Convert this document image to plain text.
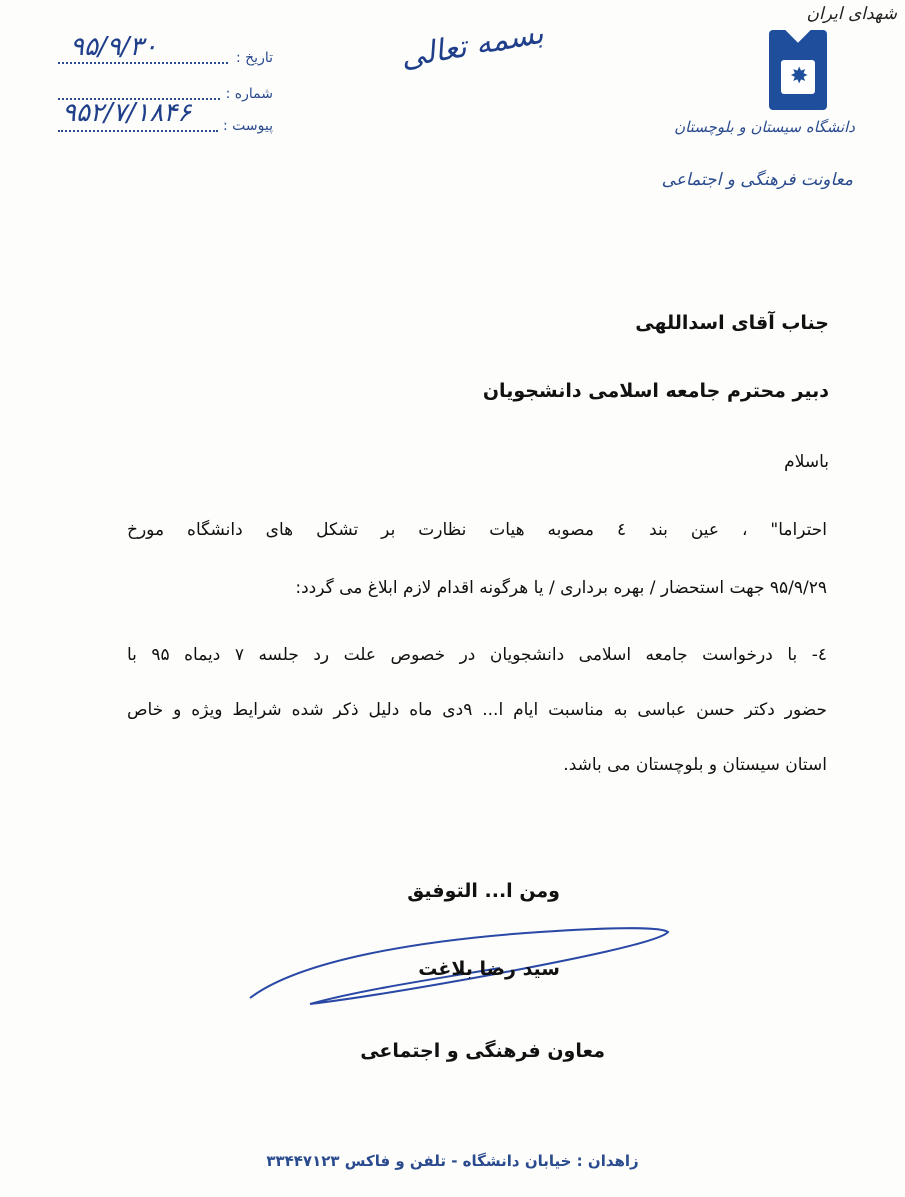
شهدای ایران
✸
دانشگاه سیستان و بلوچستان
معاونت فرهنگی و اجتماعی
بسمه تعالی
تاریخ :
۹۵/۹/۳۰
شماره :
پیوست :
۹۵۲/۷/۱۸۴۶
جناب آقای اسداللهی
دبیر محترم جامعه اسلامی دانشجویان
باسلام
احتراما" ، عین بند ٤ مصوبه هیات نظارت بر تشکل های دانشگاه مورخ
۹۵/۹/۲۹ جهت استحضار / بهره برداری / یا هرگونه اقدام لازم ابلاغ می گردد:
٤- با درخواست جامعه اسلامی دانشجویان در خصوص علت رد جلسه ۷ دیماه ۹۵ با
حضور دکتر حسن عباسی به مناسبت ایام ا... ۹دی ماه دلیل ذکر شده شرایط ویژه و خاص
استان سیستان و بلوچستان می باشد.
ومن ا... التوفیق
سید رضا بلاغت
معاون فرهنگی و اجتماعی
زاهدان : خیابان دانشگاه - تلفن و فاکس ۳۳۴۴۷۱۲۳
